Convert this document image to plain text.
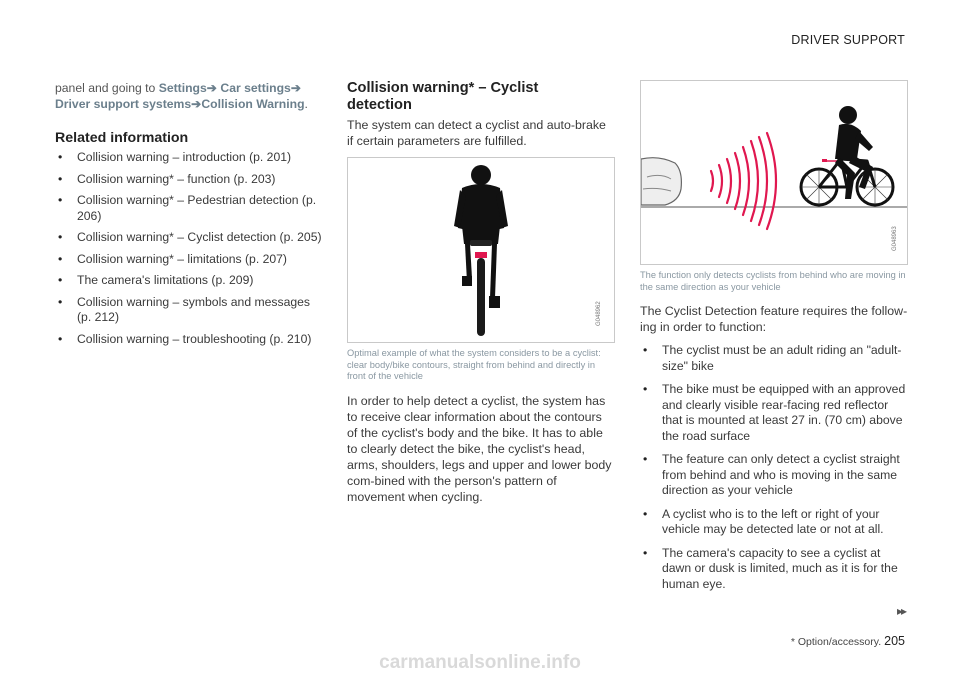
DRIVER SUPPORT
panel and going to Settings➔ Car settings➔
Driver support systems➔Collision Warning.
Related information
• Collision warning – introduction (p. 201)
• Collision warning* – function (p. 203)
• Collision warning* – Pedestrian detection (p. 206)
• Collision warning* – Cyclist detection (p. 205)
• Collision warning* – limitations (p. 207)
• The camera's limitations (p. 209)
• Collision warning – symbols and messages (p. 212)
• Collision warning – troubleshooting (p. 210)
Collision warning* – Cyclist detection
The system can detect a cyclist and auto-brake if certain parameters are fulfilled.
G048962
Optimal example of what the system considers to be a cyclist: clear body/bike contours, straight from behind and directly in front of the vehicle
In order to help detect a cyclist, the system has to receive clear information about the contours of the cyclist's body and the bike. It has to able to clearly detect the bike, the cyclist's head, arms, shoulders, legs and upper and lower body com-bined with the person's pattern of movement when cycling.
G048963
The function only detects cyclists from behind who are moving in the same direction as your vehicle
The Cyclist Detection feature requires the follow-ing in order to function:
• The cyclist must be an adult riding an "adult-size" bike
• The bike must be equipped with an approved and clearly visible rear-facing red reflector that is mounted at least 27 in. (70 cm) above the road surface
• The feature can only detect a cyclist straight from behind and who is moving in the same direction as your vehicle
• A cyclist who is to the left or right of your vehicle may be detected late or not at all.
• The camera's capacity to see a cyclist at dawn or dusk is limited, much as it is for the human eye.
▸▸
* Option/accessory. 205
carmanualsonline.info
